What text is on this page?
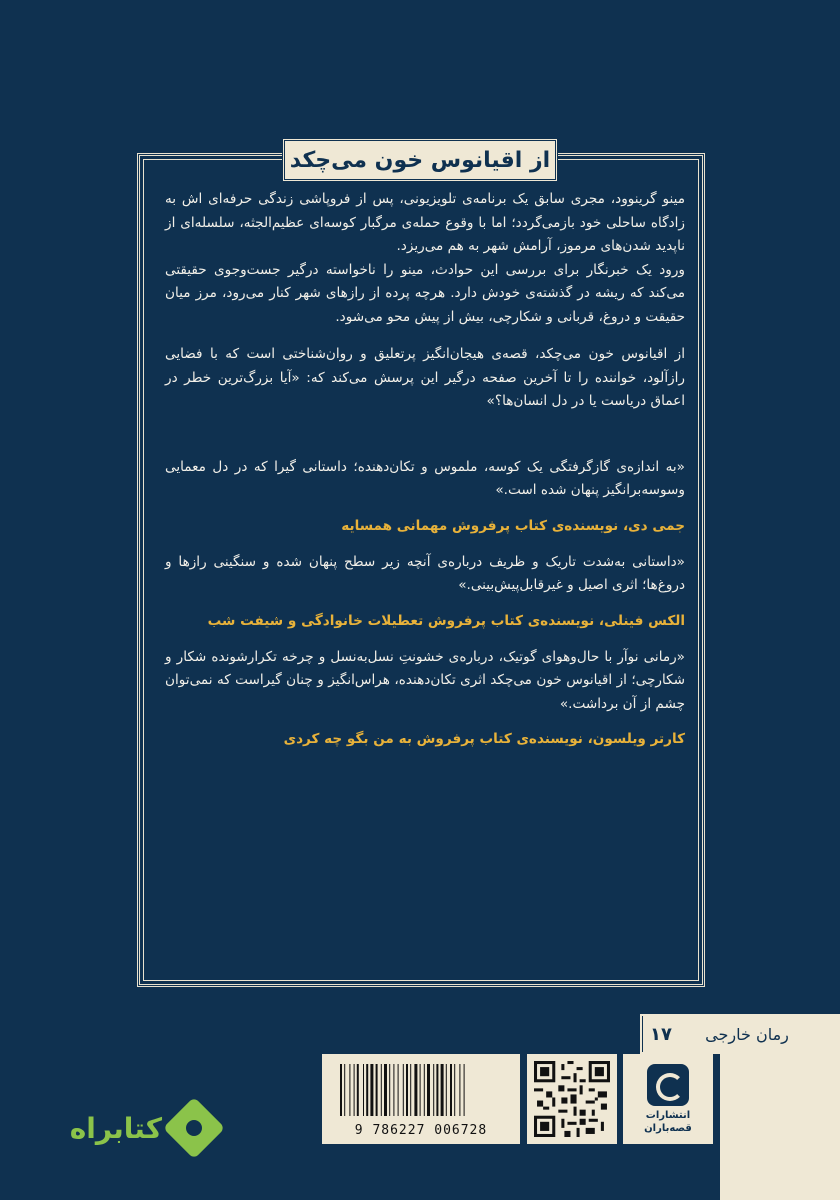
از اقیانوس خون می‌چکد

مینو گرینوود، مجری سابق یک برنامه‌ی تلویزیونی، پس از فروپاشی زندگی حرفه‌ای اش به زادگاه ساحلی خود بازمی‌گردد؛ اما با وقوع حمله‌ی مرگبار کوسه‌ای عظیم‌الجثه، سلسله‌ای از ناپدید شدن‌های مرموز، آرامش شهر به هم می‌ریزد.

ورود یک خبرنگار برای بررسی این حوادث، مینو را ناخواسته درگیر جست‌وجوی حقیقتی می‌کند که ریشه در گذشته‌ی خودش دارد. هرچه پرده از رازهای شهر کنار می‌رود، مرز میان حقیقت و دروغ، قربانی و شکارچی، بیش از پیش محو می‌شود.

از اقیانوس خون می‌چکد، قصه‌ی هیجان‌انگیز پرتعلیق و روان‌شناختی است که با فضایی رازآلود، خواننده را تا آخرین صفحه درگیر این پرسش می‌کند که: «آیا بزرگ‌ترین خطر در اعماق دریاست یا در دل انسان‌ها؟»

«به اندازه‌ی گازگرفتگی یک کوسه، ملموس و تکان‌دهنده؛ داستانی گیرا که در دل معمایی وسوسه‌برانگیز پنهان شده است.»

جمی دی، نویسنده‌ی کتاب پرفروش مهمانی همسایه

«داستانی به‌شدت تاریک و ظریف درباره‌ی آنچه زیر سطح پنهان شده و سنگینی رازها و دروغ‌ها؛ اثری اصیل و غیرقابل‌پیش‌بینی.»

الکس فینلی، نویسنده‌ی کتاب پرفروش تعطیلات خانوادگی و شیفت شب

«رمانی نوآر با حال‌وهوای گوتیک، درباره‌ی خشونتِ نسل‌به‌نسل و چرخه تکرارشونده شکار و شکارچی؛ از اقیانوس خون می‌چکد اثری تکان‌دهنده، هراس‌انگیز و چنان گیراست که نمی‌توان چشم از آن برداشت.»

کارتر ویلسون، نویسنده‌ی کتاب پرفروش به من بگو چه کردی
۱۷	رمان خارجی
انتشارات
قصه‌باران
9 786227 006728
کتابراه
